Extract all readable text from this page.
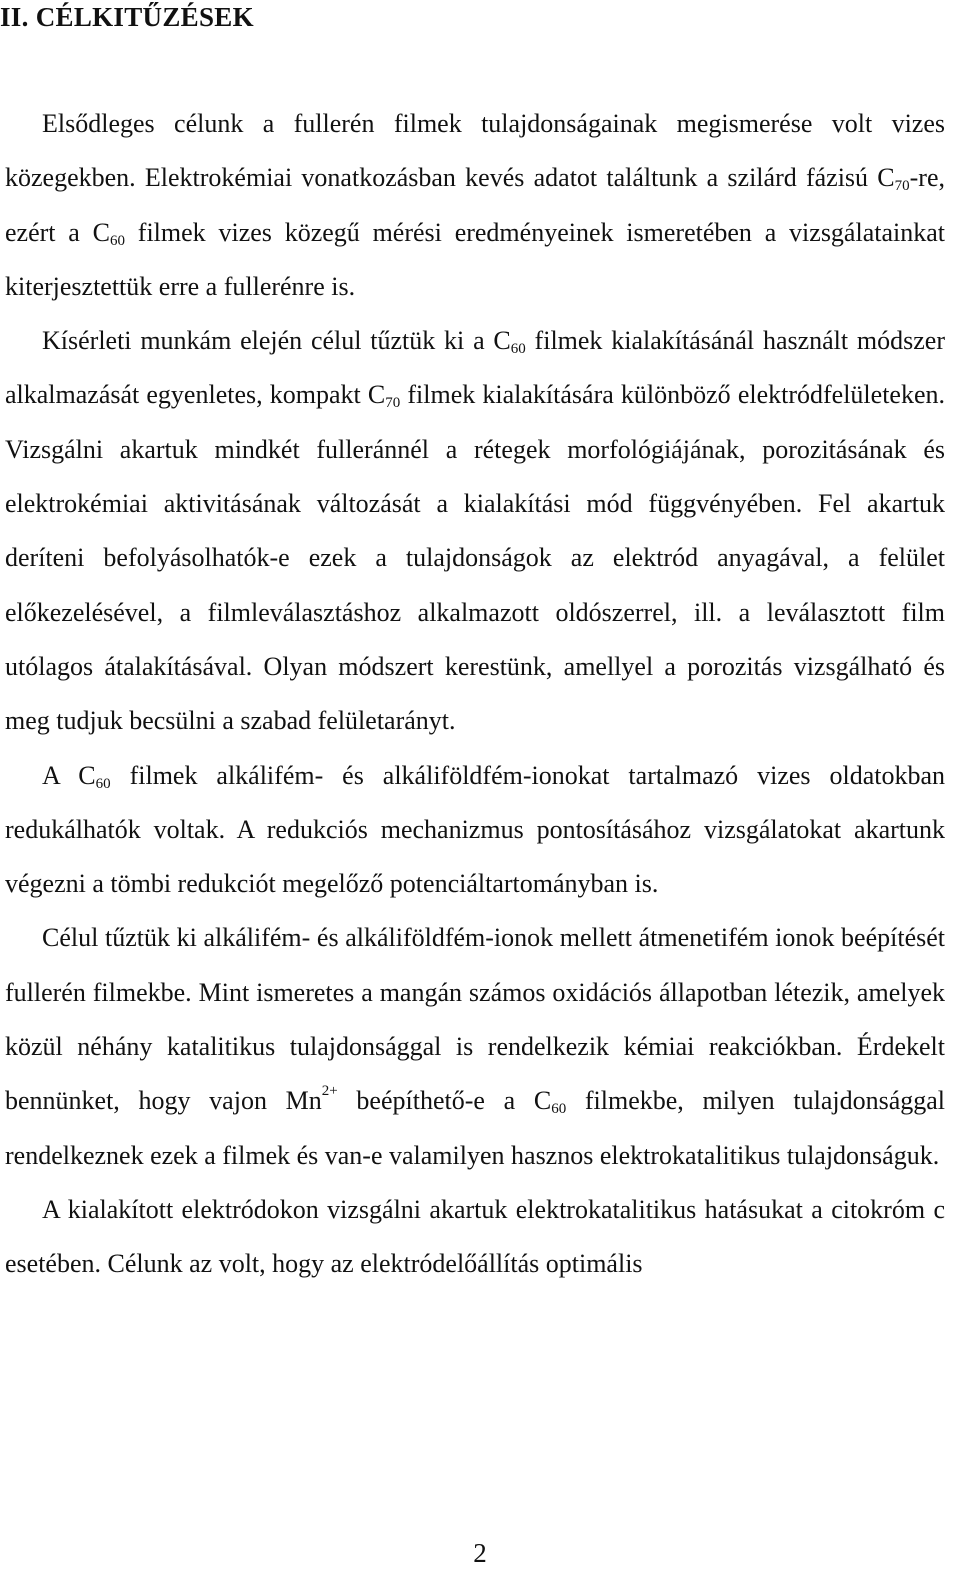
II. CÉLKITŰZÉSEK

Elsődleges célunk a fullerén filmek tulajdonságainak megismerése volt vizes közegekben. Elektrokémiai vonatkozásban kevés adatot találtunk a szilárd fázisú $C_{70}-re$, ezért a $C_{60}$ filmek vizes közegű mérési eredményeinek ismeretében a vizsgálatainkat kiterjesztettük erre a fullerénre is.

Kísérleti munkám elején célul tűztük ki a $C_{60}$ filmek kialakításánál használt módszer alkalmazását egyenletes, kompakt $C_{70}$ filmek kialakítására különböző elektródfelületeken. Vizsgálni akartuk mindkét fulleránnél a rétegek morfológiájának, porozitásának és elektrokémiai aktivitásának változását a kialakítási mód függvényében. Fel akartuk deríteni befolyásolhatók-e ezek a tulajdonságok az elektród anyagával, a felület előkezelésével, a filmleválasztáshoz alkalmazott oldószerrel, ill. a leválasztott film utólagos átalakításával. Olyan módszert kerestünk, amellyel a porozitás vizsgálható és meg tudjuk becsülni a szabad felületarányt.

A $C_{60}$ filmek alkálifém- és alkáliföldfém-ionokat tartalmazó vizes oldatokban redukálhatók voltak. A redukciós mechanizmus pontosításához vizsgálatokat akartunk végezni a tömbi redukciót megelőző potenciáltartományban is.

Célul tűztük ki alkálifém- és alkáliföldfém-ionok mellett átmenetifém ionok beépítését fullerén filmekbe. Mint ismeretes a mangán számos oxidációs állapotban létezik, amelyek közül néhány katalitikus tulajdonsággal is rendelkezik kémiai reakciókban. Érdekelt bennünket, hogy vajon $Mn^{2+}$ beépíthető-e a $C_{60}$ filmekbe, milyen tulajdonsággal rendelkeznek ezek a filmek és van-e valamilyen hasznos elektrokatalitikus tulajdonságuk.

A kialakított elektródokon vizsgálni akartuk elektrokatalitikus hatásukat a citokróm c esetében. Célunk az volt, hogy az elektródelőállítás optimális

2
